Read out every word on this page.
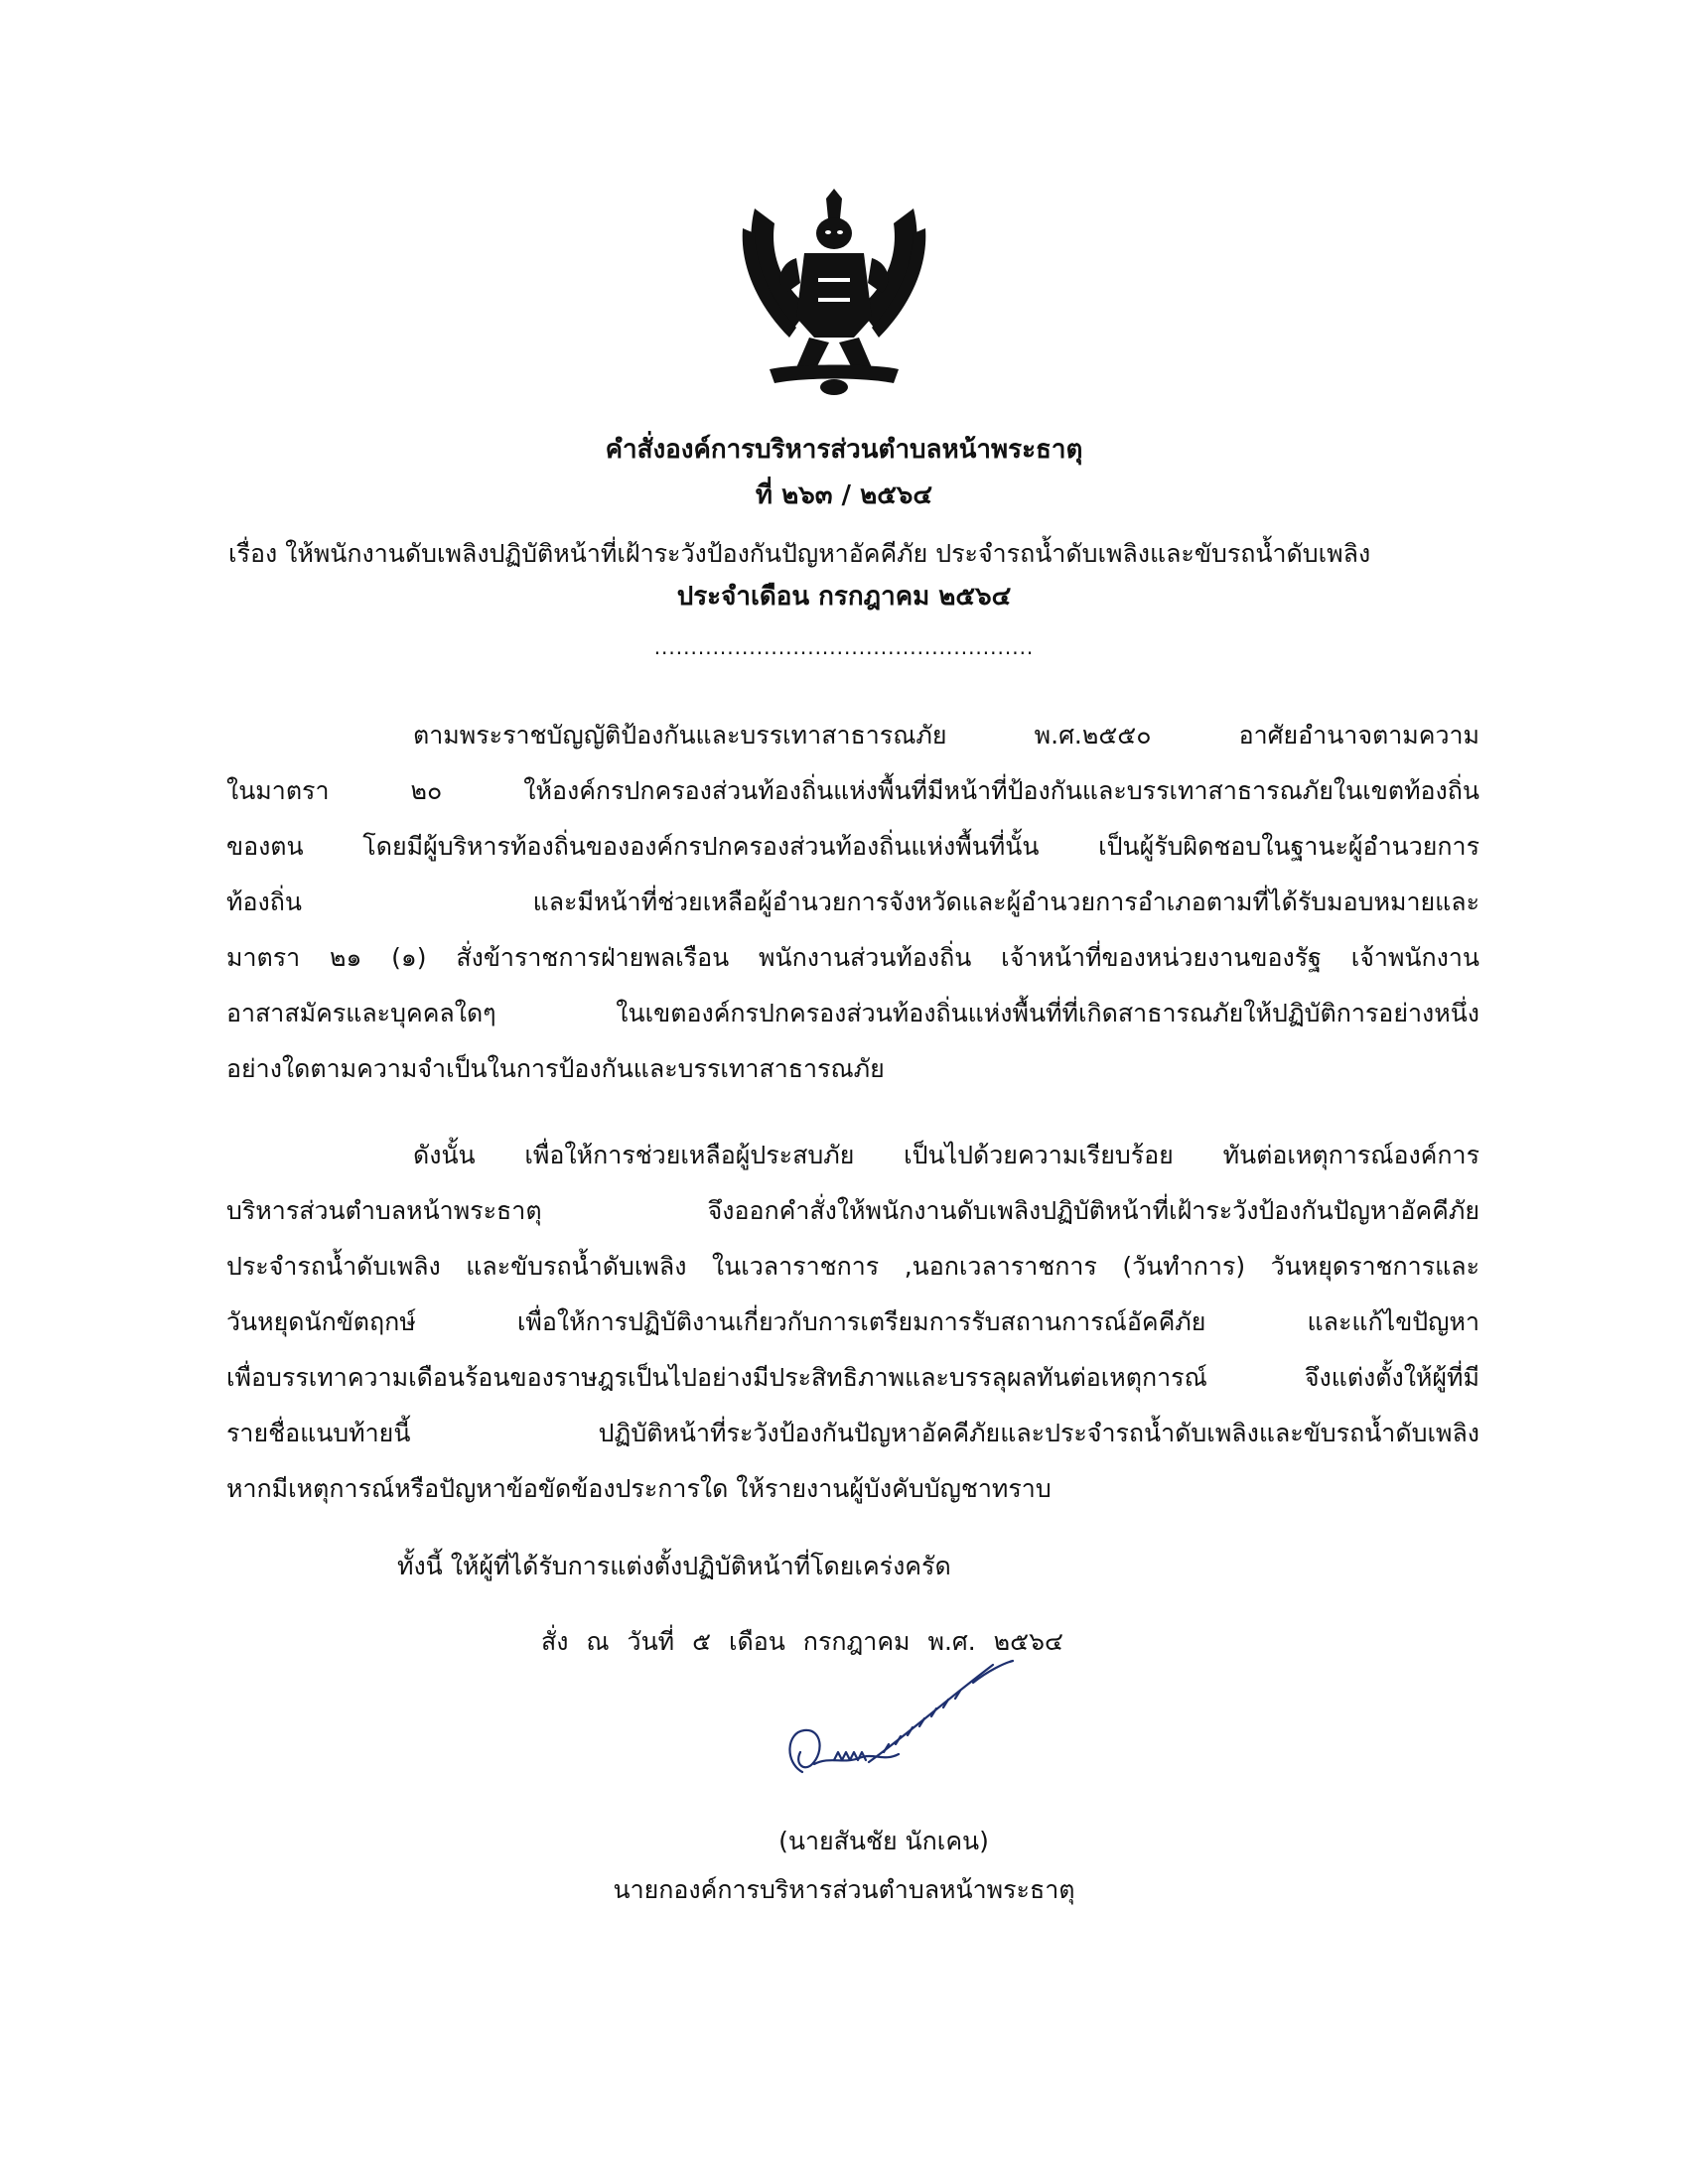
คำสั่งองค์การบริหารส่วนตำบลหน้าพระธาตุ
ที่ ๒๖๓ / ๒๕๖๔
เรื่อง ให้พนักงานดับเพลิงปฏิบัติหน้าที่เฝ้าระวังป้องกันปัญหาอัคคีภัย ประจำรถน้ำดับเพลิงและขับรถน้ำดับเพลิง
ประจำเดือน กรกฎาคม ๒๕๖๔
....................................................
ตามพระราชบัญญัติป้องกันและบรรเทาสาธารณภัย พ.ศ.๒๕๕๐ อาศัยอำนาจตามความ
ในมาตรา ๒๐ ให้องค์กรปกครองส่วนท้องถิ่นแห่งพื้นที่มีหน้าที่ป้องกันและบรรเทาสาธารณภัยในเขตท้องถิ่น
ของตน โดยมีผู้บริหารท้องถิ่นขององค์กรปกครองส่วนท้องถิ่นแห่งพื้นที่นั้น เป็นผู้รับผิดชอบในฐานะผู้อำนวยการ
ท้องถิ่น และมีหน้าที่ช่วยเหลือผู้อำนวยการจังหวัดและผู้อำนวยการอำเภอตามที่ได้รับมอบหมายและ
มาตรา ๒๑ (๑) สั่งข้าราชการฝ่ายพลเรือน พนักงานส่วนท้องถิ่น เจ้าหน้าที่ของหน่วยงานของรัฐ เจ้าพนักงาน
อาสาสมัครและบุคคลใดๆ ในเขตองค์กรปกครองส่วนท้องถิ่นแห่งพื้นที่ที่เกิดสาธารณภัยให้ปฏิบัติการอย่างหนึ่ง
อย่างใดตามความจำเป็นในการป้องกันและบรรเทาสาธารณภัย
ดังนั้น เพื่อให้การช่วยเหลือผู้ประสบภัย เป็นไปด้วยความเรียบร้อย ทันต่อเหตุการณ์องค์การ
บริหารส่วนตำบลหน้าพระธาตุ จึงออกคำสั่งให้พนักงานดับเพลิงปฏิบัติหน้าที่เฝ้าระวังป้องกันปัญหาอัคคีภัย
ประจำรถน้ำดับเพลิง และขับรถน้ำดับเพลิง ในเวลาราชการ ,นอกเวลาราชการ (วันทำการ) วันหยุดราชการและ
วันหยุดนักขัตฤกษ์ เพื่อให้การปฏิบัติงานเกี่ยวกับการเตรียมการรับสถานการณ์อัคคีภัย และแก้ไขปัญหา
เพื่อบรรเทาความเดือนร้อนของราษฎรเป็นไปอย่างมีประสิทธิภาพและบรรลุผลทันต่อเหตุการณ์ จึงแต่งตั้งให้ผู้ที่มี
รายชื่อแนบท้ายนี้ ปฏิบัติหน้าที่ระวังป้องกันปัญหาอัคคีภัยและประจำรถน้ำดับเพลิงและขับรถน้ำดับเพลิง
หากมีเหตุการณ์หรือปัญหาข้อขัดข้องประการใด ให้รายงานผู้บังคับบัญชาทราบ
ทั้งนี้ ให้ผู้ที่ได้รับการแต่งตั้งปฏิบัติหน้าที่โดยเคร่งครัด
สั่ง ณ วันที่ ๕ เดือน กรกฎาคม พ.ศ. ๒๕๖๔
(นายสันชัย นักเคน)
นายกองค์การบริหารส่วนตำบลหน้าพระธาตุ
